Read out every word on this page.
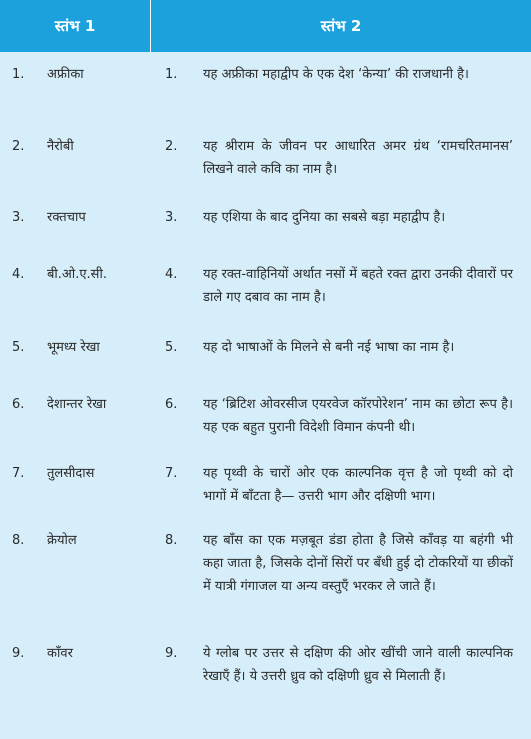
स्तंभ 1	स्तंभ 2
1. अफ्रीका	1. यह अफ्रीका महाद्वीप के एक देश ‘केन्या’ की राजधानी है।
2. नैरोबी	2. यह श्रीराम के जीवन पर आधारित अमर ग्रंथ ‘रामचरितमानस’ लिखने वाले कवि का नाम है।
3. रक्तचाप	3. यह एशिया के बाद दुनिया का सबसे बड़ा महाद्वीप है।
4. बी.ओ.ए.सी.	4. यह रक्त-वाहिनियों अर्थात नसों में बहते रक्त द्वारा उनकी दीवारों पर डाले गए दबाव का नाम है।
5. भूमध्य रेखा	5. यह दो भाषाओं के मिलने से बनी नई भाषा का नाम है।
6. देशान्तर रेखा	6. यह ‘ब्रिटिश ओवरसीज एयरवेज कॉरपोरेशन’ नाम का छोटा रूप है। यह एक बहुत पुरानी विदेशी विमान कंपनी थी।
7. तुलसीदास	7. यह पृथ्वी के चारों ओर एक काल्पनिक वृत्त है जो पृथ्वी को दो भागों में बाँटता है— उत्तरी भाग और दक्षिणी भाग।
8. क्रेयोल	8. यह बाँस का एक मज़बूत डंडा होता है जिसे काँवड़ या बहंगी भी कहा जाता है, जिसके दोनों सिरों पर बँधी हुई दो टोकरियों या छीकों में यात्री गंगाजल या अन्य वस्तुएँ भरकर ले जाते हैं।
9. काँवर	9. ये ग्लोब पर उत्तर से दक्षिण की ओर खींची जाने वाली काल्पनिक रेखाएँ हैं। ये उत्तरी ध्रुव को दक्षिणी ध्रुव से मिलाती हैं।
